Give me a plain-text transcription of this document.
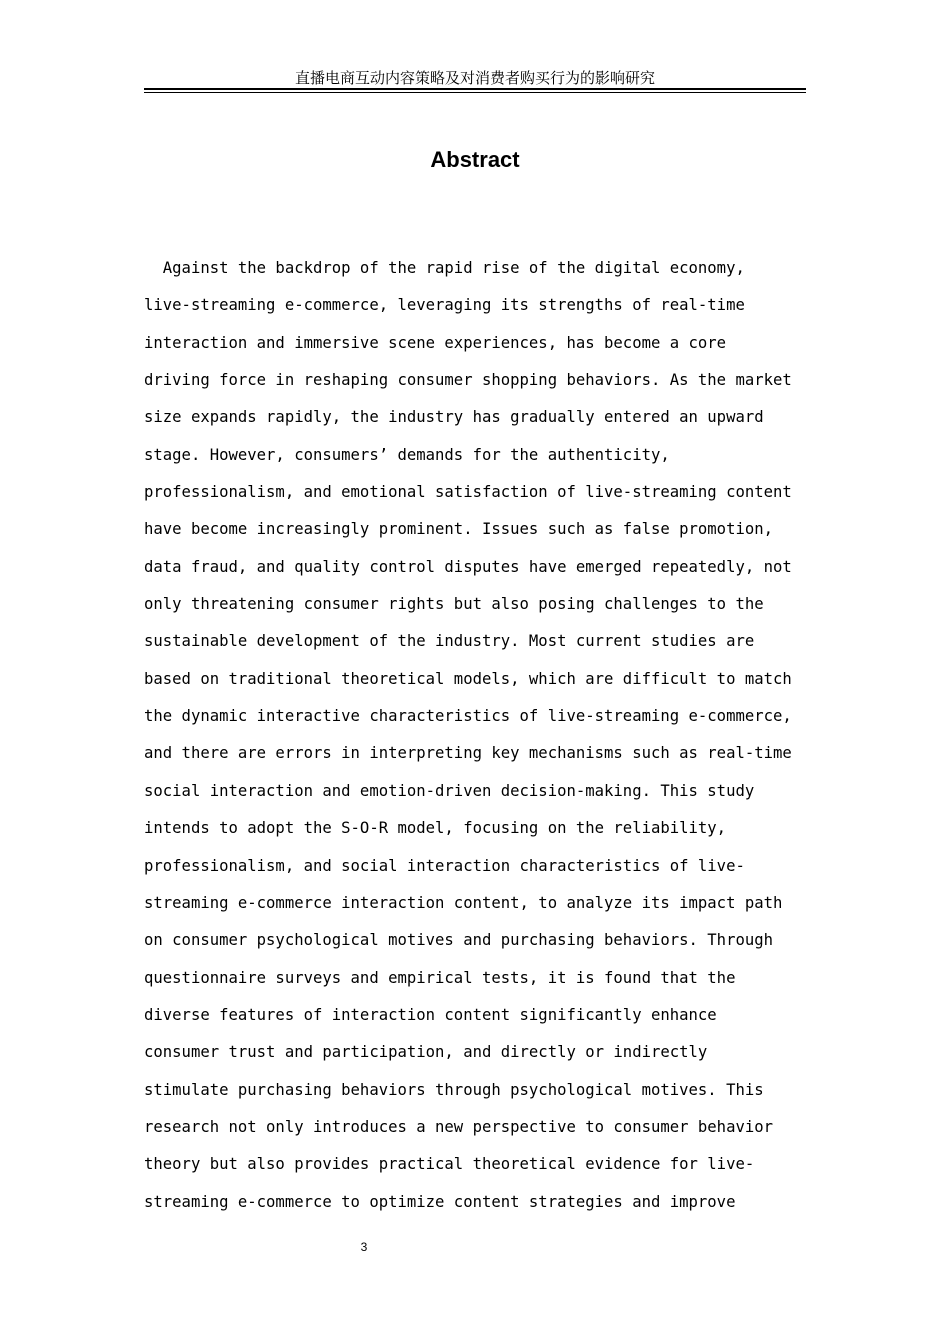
直播电商互动内容策略及对消费者购买行为的影响研究
Abstract
Against the backdrop of the rapid rise of the digital economy,
live-streaming e-commerce, leveraging its strengths of real-time
interaction and immersive scene experiences, has become a core
driving force in reshaping consumer shopping behaviors. As the market
size expands rapidly, the industry has gradually entered an upward
stage. However, consumers’ demands for the authenticity,
professionalism, and emotional satisfaction of live-streaming content
have become increasingly prominent. Issues such as false promotion,
data fraud, and quality control disputes have emerged repeatedly, not
only threatening consumer rights but also posing challenges to the
sustainable development of the industry. Most current studies are
based on traditional theoretical models, which are difficult to match
the dynamic interactive characteristics of live-streaming e-commerce,
and there are errors in interpreting key mechanisms such as real-time
social interaction and emotion-driven decision-making. This study
intends to adopt the S-O-R model, focusing on the reliability,
professionalism, and social interaction characteristics of live-
streaming e-commerce interaction content, to analyze its impact path
on consumer psychological motives and purchasing behaviors. Through
questionnaire surveys and empirical tests, it is found that the
diverse features of interaction content significantly enhance
consumer trust and participation, and directly or indirectly
stimulate purchasing behaviors through psychological motives. This
research not only introduces a new perspective to consumer behavior
theory but also provides practical theoretical evidence for live-
streaming e-commerce to optimize content strategies and improve
3
